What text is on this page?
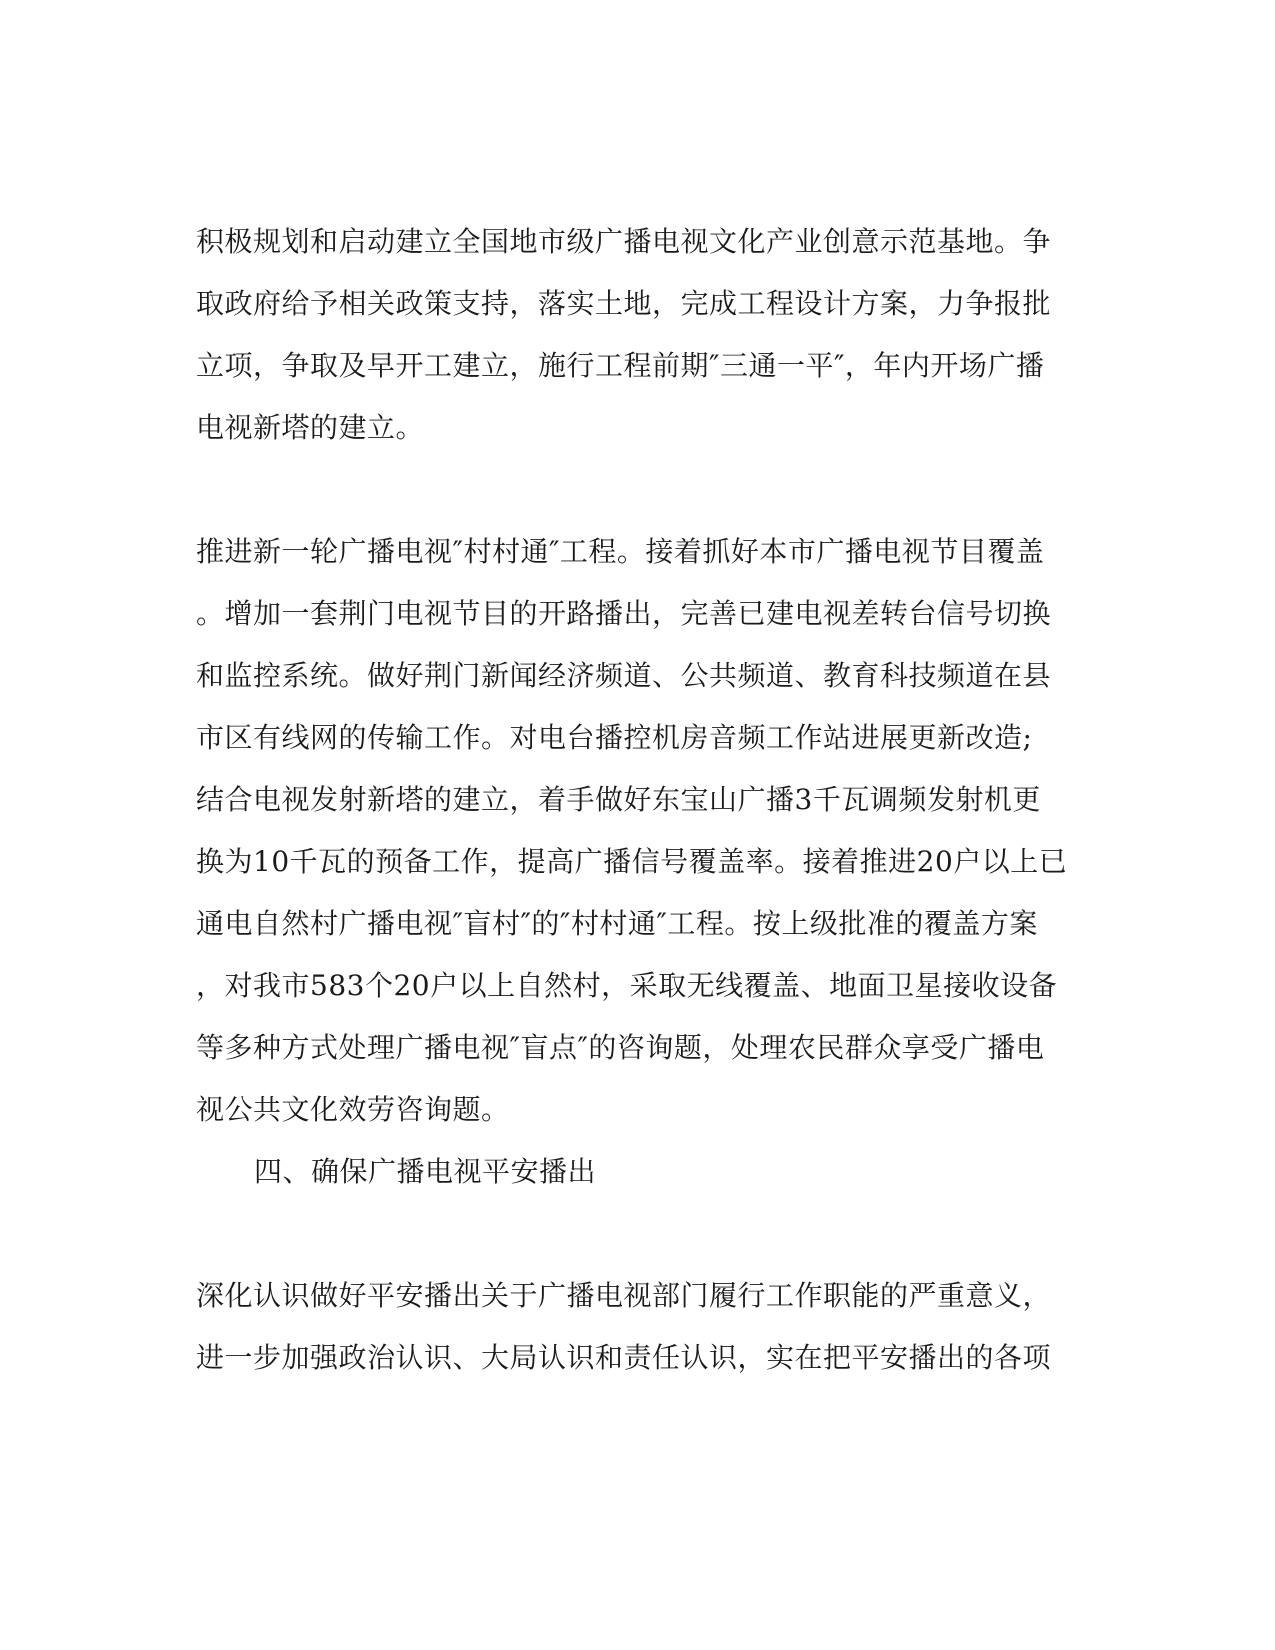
积极规划和启动建立全国地市级广播电视文化产业创意示范基地。争
取政府给予相关政策支持，落实土地，完成工程设计方案，力争报批
立项，争取及早开工建立，施行工程前期″三通一平″，年内开场广播
电视新塔的建立。
推进新一轮广播电视″村村通″工程。接着抓好本市广播电视节目覆盖
。增加一套荆门电视节目的开路播出，完善已建电视差转台信号切换
和监控系统。做好荆门新闻经济频道、公共频道、教育科技频道在县
市区有线网的传输工作。对电台播控机房音频工作站进展更新改造;
结合电视发射新塔的建立，着手做好东宝山广播3千瓦调频发射机更
换为10千瓦的预备工作，提高广播信号覆盖率。接着推进20户以上已
通电自然村广播电视″盲村″的″村村通″工程。按上级批准的覆盖方案
，对我市583个20户以上自然村，采取无线覆盖、地面卫星接收设备
等多种方式处理广播电视″盲点″的咨询题，处理农民群众享受广播电
视公共文化效劳咨询题。
四、确保广播电视平安播出
深化认识做好平安播出关于广播电视部门履行工作职能的严重意义，
进一步加强政治认识、大局认识和责任认识，实在把平安播出的各项
